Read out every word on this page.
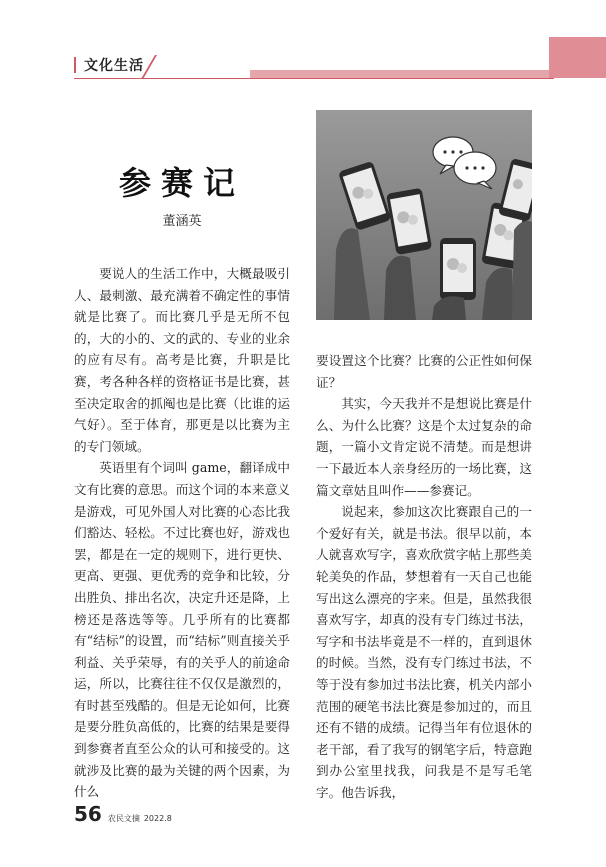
文化生活
参赛记
董涵英

要说人的生活工作中，大概最吸引人、最刺激、最充满着不确定性的事情就是比赛了。而比赛几乎是无所不包的，大的小的、文的武的、专业的业余的应有尽有。高考是比赛，升职是比赛，考各种各样的资格证书是比赛，甚至决定取舍的抓阄也是比赛（比谁的运气好）。至于体育，那更是以比赛为主的专门领域。

英语里有个词叫 game，翻译成中文有比赛的意思。而这个词的本来意义是游戏，可见外国人对比赛的心态比我们豁达、轻松。不过比赛也好，游戏也罢，都是在一定的规则下，进行更快、更高、更强、更优秀的竞争和比较，分出胜负、排出名次，决定升还是降，上榜还是落选等等。几乎所有的比赛都有“结标”的设置，而“结标”则直接关乎利益、关乎荣辱，有的关乎人的前途命运，所以，比赛往往不仅仅是激烈的，有时甚至残酷的。但是无论如何，比赛是要分胜负高低的，比赛的结果是要得到参赛者直至公众的认可和接受的。这就涉及比赛的最为关键的两个因素，为什么

要设置这个比赛？比赛的公正性如何保证？

其实，今天我并不是想说比赛是什么、为什么比赛？这是个太过复杂的命题，一篇小文肯定说不清楚。而是想讲一下最近本人亲身经历的一场比赛，这篇文章姑且叫作——参赛记。

说起来，参加这次比赛跟自己的一个爱好有关，就是书法。很早以前，本人就喜欢写字，喜欢欣赏字帖上那些美轮美奂的作品，梦想着有一天自己也能写出这么漂亮的字来。但是，虽然我很喜欢写字，却真的没有专门练过书法，写字和书法毕竟是不一样的，直到退休的时候。当然，没有专门练过书法，不等于没有参加过书法比赛，机关内部小范围的硬笔书法比赛是参加过的，而且还有不错的成绩。记得当年有位退休的老干部，看了我写的钢笔字后，特意跑到办公室里找我，问我是不是写毛笔字。他告诉我，

56 农民文摘 2022.8
